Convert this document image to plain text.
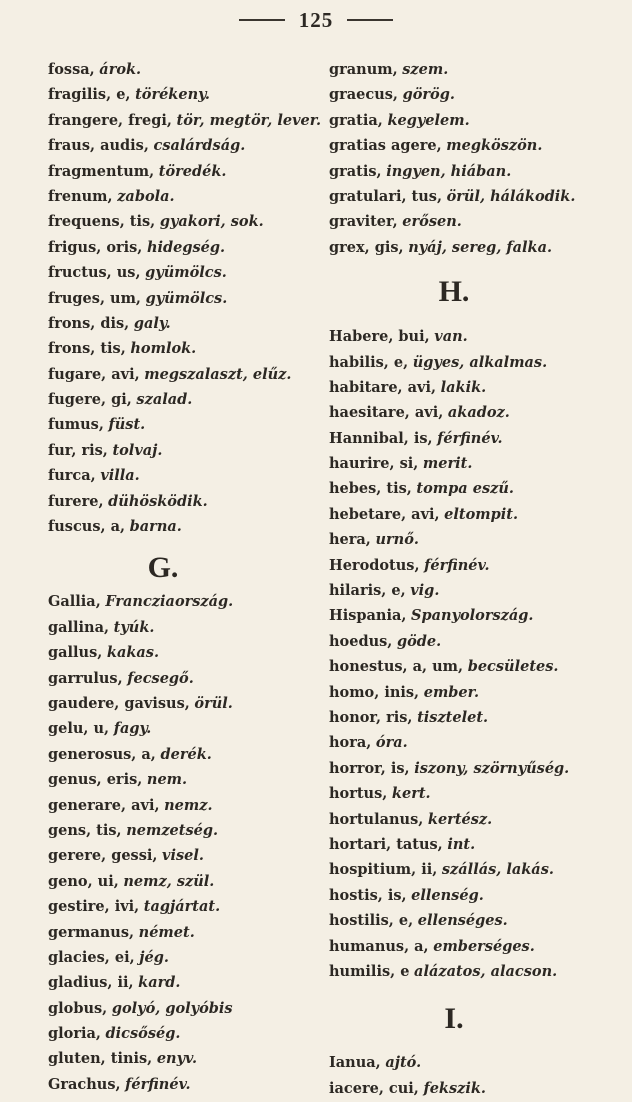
125
fossa, árok.
fragilis, e, törékeny.
frangere, fregi, tör, megtör, lever.
fraus, audis, csalárdság.
fragmentum, töredék.
frenum, zabola.
frequens, tis, gyakori, sok.
frigus, oris, hidegség.
fructus, us, gyümölcs.
fruges, um, gyümölcs.
frons, dis, galy.
frons, tis, homlok.
fugare, avi, megszalaszt, elűz.
fugere, gi, szalad.
fumus, füst.
fur, ris, tolvaj.
furca, villa.
furere, dühösködik.
fuscus, a, barna.
G.
Gallia, Francziaország.
gallina, tyúk.
gallus, kakas.
garrulus, fecsegő.
gaudere, gavisus, örül.
gelu, u, fagy.
generosus, a, derék.
genus, eris, nem.
generare, avi, nemz.
gens, tis, nemzetség.
gerere, gessi, visel.
geno, ui, nemz, szül.
gestire, ivi, tagjártat.
germanus, német.
glacies, ei, jég.
gladius, ii, kard.
globus, golyó, golyóbis
gloria, dicsőség.
gluten, tinis, enyv.
Grachus, férfinév.
granum, szem.
graecus, görög.
gratia, kegyelem.
gratias agere, megköszön.
gratis, ingyen, hiában.
gratulari, tus, örül, hálákodik.
graviter, erősen.
grex, gis, nyáj, sereg, falka.
H.
Habere, bui, van.
habilis, e, ügyes, alkalmas.
habitare, avi, lakik.
haesitare, avi, akadoz.
Hannibal, is, férfinév.
haurire, si, merit.
hebes, tis, tompa eszű.
hebetare, avi, eltompit.
hera, urnő.
Herodotus, férfinév.
hilaris, e, vig.
Hispania, Spanyolország.
hoedus, göde.
honestus, a, um, becsületes.
homo, inis, ember.
honor, ris, tisztelet.
hora, óra.
horror, is, iszony, szörnyűség.
hortus, kert.
hortulanus, kertész.
hortari, tatus, int.
hospitium, ii, szállás, lakás.
hostis, is, ellenség.
hostilis, e, ellenséges.
humanus, a, emberséges.
humilis, e alázatos, alacson.
I.
Ianua, ajtó.
iacere, cui, fekszik.
